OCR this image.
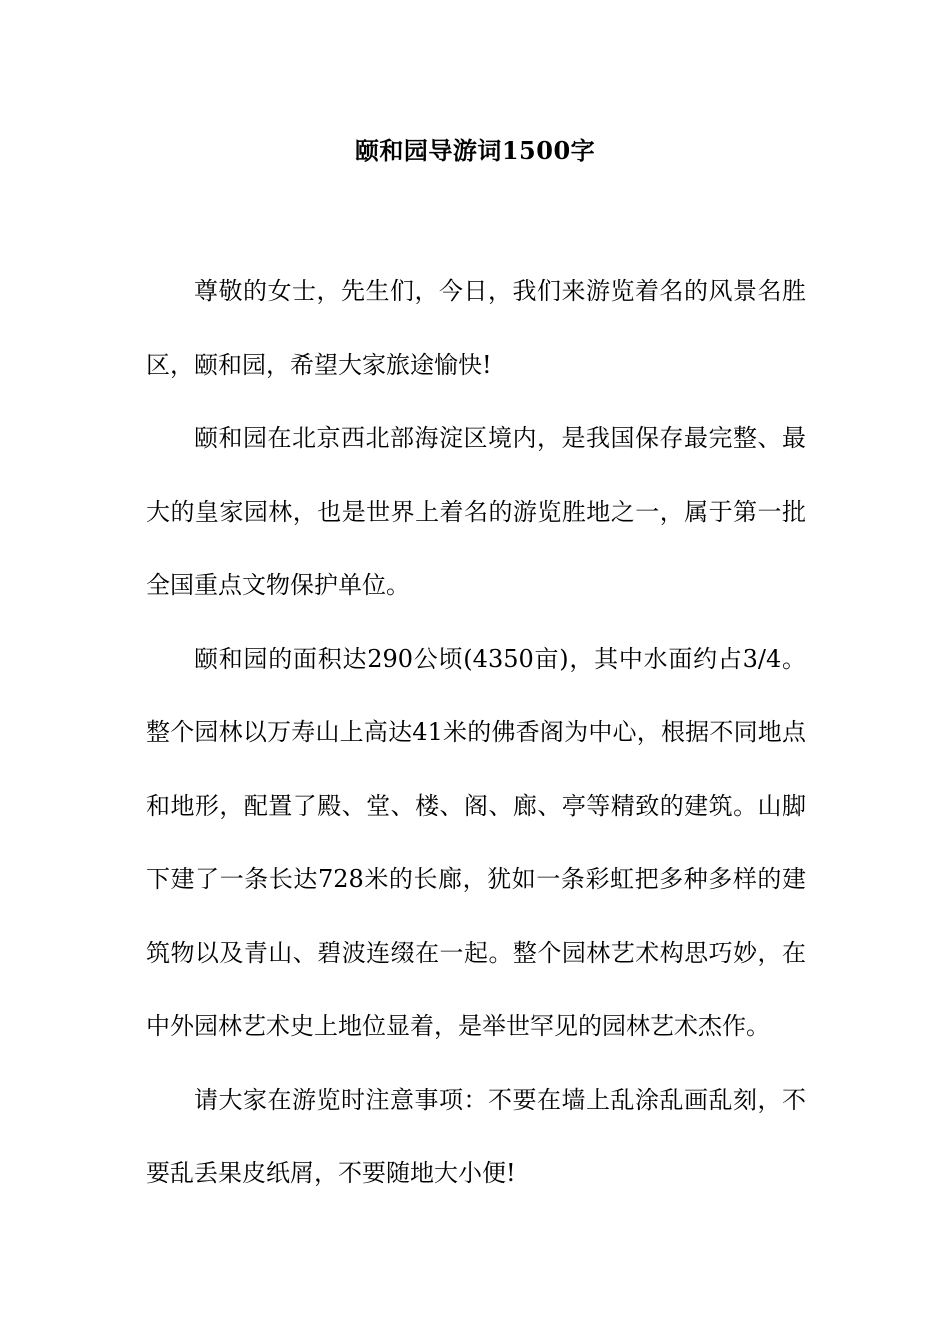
颐和园导游词1500字

尊敬的女士，先生们，今日，我们来游览着名的风景名胜区，颐和园，希望大家旅途愉快!

颐和园在北京西北部海淀区境内，是我国保存最完整、最大的皇家园林，也是世界上着名的游览胜地之一，属于第一批全国重点文物保护单位。

颐和园的面积达290公顷(4350亩)，其中水面约占3/4。整个园林以万寿山上高达41米的佛香阁为中心，根据不同地点和地形，配置了殿、堂、楼、阁、廊、亭等精致的建筑。山脚下建了一条长达728米的长廊，犹如一条彩虹把多种多样的建筑物以及青山、碧波连缀在一起。整个园林艺术构思巧妙，在中外园林艺术史上地位显着，是举世罕见的园林艺术杰作。

请大家在游览时注意事项：不要在墙上乱涂乱画乱刻，不要乱丢果皮纸屑，不要随地大小便!
